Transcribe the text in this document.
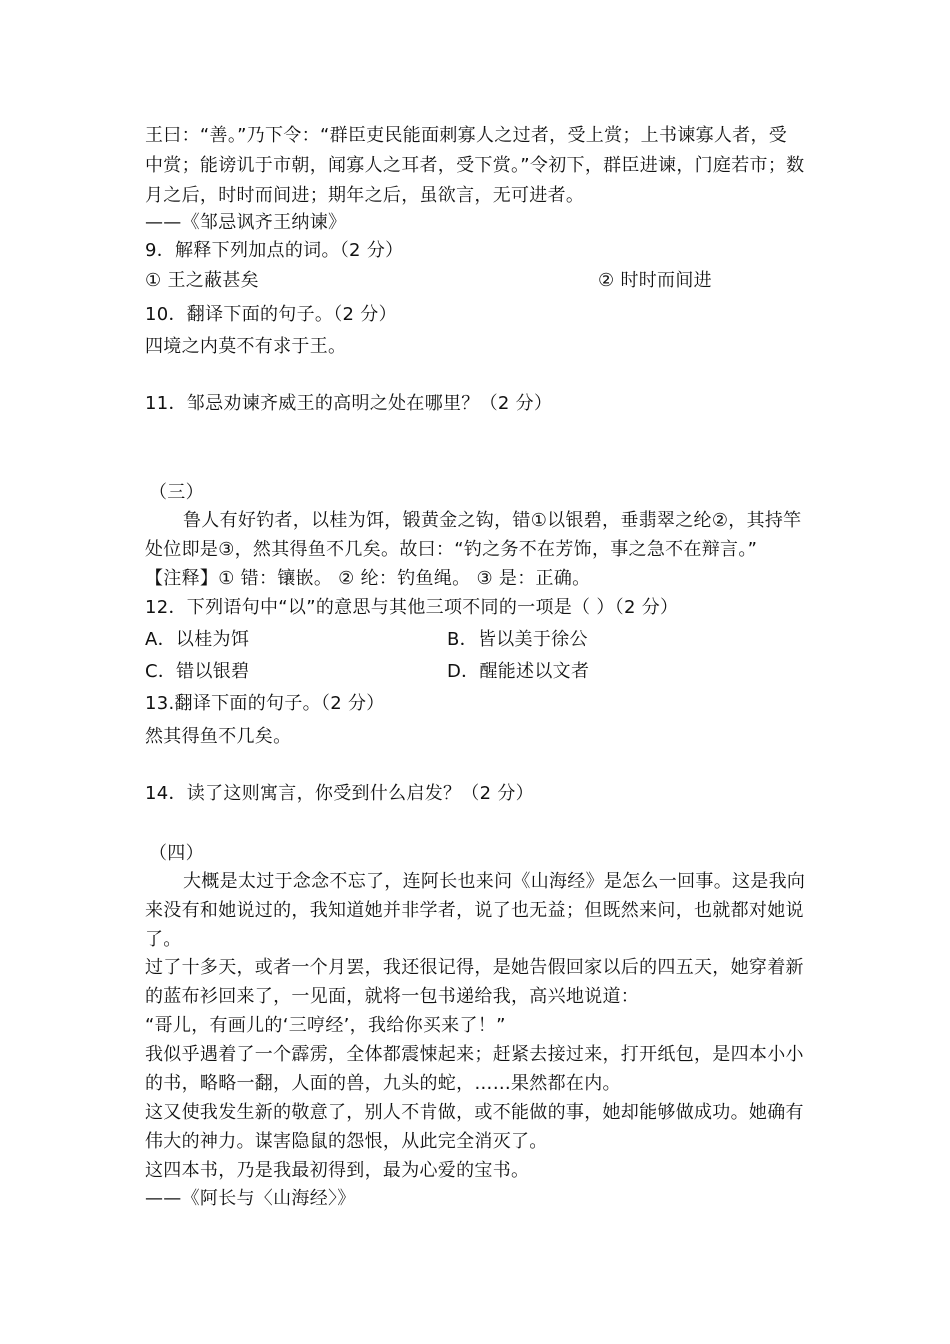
王曰：“善。”乃下令：“群臣吏民能面刺寡人之过者，受上赏；上书谏寡人者，受
中赏；能谤讥于市朝，闻寡人之耳者，受下赏。”令初下，群臣进谏，门庭若市；数
月之后，时时而间进；期年之后，虽欲言，无可进者。
——《邹忌讽齐王纳谏》
9．解释下列加点的词。（2 分）
① 王之蔽甚矣	② 时时而间进
10．翻译下面的句子。（2 分）
四境之内莫不有求于王。
11．邹忌劝谏齐威王的高明之处在哪里？（2 分）
（三）
鲁人有好钓者，以桂为饵，锻黄金之钩，错①以银碧，垂翡翠之纶②，其持竿
处位即是③，然其得鱼不几矣。故曰：“钓之务不在芳饰，事之急不在辩言。”
【注释】① 错：镶嵌。 ② 纶：钓鱼绳。 ③ 是：正确。
12．下列语句中“以”的意思与其他三项不同的一项是（ ）（2 分）
A．以桂为饵	B．皆以美于徐公
C．错以银碧	D．醒能述以文者
13.翻译下面的句子。（2 分）
然其得鱼不几矣。
14．读了这则寓言，你受到什么启发？（2 分）
（四）
大概是太过于念念不忘了，连阿长也来问《山海经》是怎么一回事。这是我向
来没有和她说过的，我知道她并非学者，说了也无益；但既然来问，也就都对她说
了。
过了十多天，或者一个月罢，我还很记得，是她告假回家以后的四五天，她穿着新
的蓝布衫回来了，一见面，就将一包书递给我，高兴地说道：
“哥儿，有画儿的‘三哼经’，我给你买来了！”
我似乎遇着了一个霹雳，全体都震悚起来；赶紧去接过来，打开纸包，是四本小小
的书，略略一翻，人面的兽，九头的蛇，……果然都在内。
这又使我发生新的敬意了，别人不肯做，或不能做的事，她却能够做成功。她确有
伟大的神力。谋害隐鼠的怨恨，从此完全消灭了。
这四本书，乃是我最初得到，最为心爱的宝书。
——《阿长与〈山海经〉》
